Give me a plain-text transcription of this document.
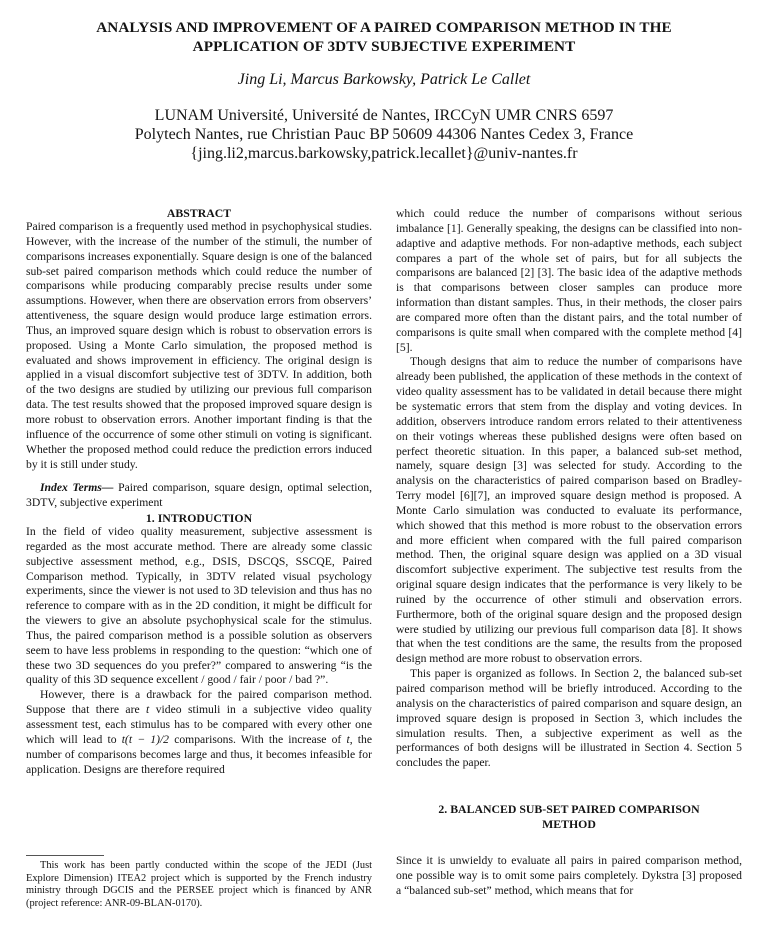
ANALYSIS AND IMPROVEMENT OF A PAIRED COMPARISON METHOD IN THE
APPLICATION OF 3DTV SUBJECTIVE EXPERIMENT
Jing Li, Marcus Barkowsky, Patrick Le Callet
LUNAM Université, Université de Nantes, IRCCyN UMR CNRS 6597
Polytech Nantes, rue Christian Pauc BP 50609 44306 Nantes Cedex 3, France
{jing.li2,marcus.barkowsky,patrick.lecallet}@univ-nantes.fr

ABSTRACT

Paired comparison is a frequently used method in psychophysical studies. However, with the increase of the number of the stimuli, the number of comparisons increases exponentially. Square design is one of the balanced sub-set paired comparison methods which could reduce the number of comparisons while producing comparably precise results under some assumptions. However, when there are observation errors from observers’ attentiveness, the square design would produce large estimation errors. Thus, an improved square design which is robust to observation errors is proposed. Using a Monte Carlo simulation, the proposed method is evaluated and shows improvement in efficiency. The original design is applied in a visual discomfort subjective test of 3DTV. In addition, both of the two designs are studied by utilizing our previous full comparison data. The test results showed that the proposed improved square design is more robust to observation errors. Another important finding is that the influence of the occurrence of some other stimuli on voting is significant. Whether the proposed method could reduce the prediction errors induced by it is still under study.

Index Terms— Paired comparison, square design, optimal selection, 3DTV, subjective experiment

1. INTRODUCTION

In the field of video quality measurement, subjective assessment is regarded as the most accurate method. There are already some classic subjective assessment method, e.g., DSIS, DSCQS, SSCQE, Paired Comparison method. Typically, in 3DTV related visual psychology experiments, since the viewer is not used to 3D television and thus has no reference to compare with as in the 2D condition, it might be difficult for the viewers to give an absolute psychophysical scale for the stimulus. Thus, the paired comparison method is a possible solution as observers seem to have less problems in responding to the question: “which one of these two 3D sequences do you prefer?” compared to answering “is the quality of this 3D sequence excellent / good / fair / poor / bad ?”.

However, there is a drawback for the paired comparison method. Suppose that there are t video stimuli in a subjective video quality assessment test, each stimulus has to be compared with every other one which will lead to t(t − 1)/2 comparisons. With the increase of t, the number of comparisons becomes large and thus, it becomes infeasible for application. Designs are therefore required

This work has been partly conducted within the scope of the JEDI (Just Explore Dimension) ITEA2 project which is supported by the French industry ministry through DGCIS and the PERSEE project which is financed by ANR (project reference: ANR-09-BLAN-0170).

which could reduce the number of comparisons without serious imbalance [1]. Generally speaking, the designs can be classified into non-adaptive and adaptive methods. For non-adaptive methods, each subject compares a part of the whole set of pairs, but for all subjects the comparisons are balanced [2] [3]. The basic idea of the adaptive methods is that comparisons between closer samples can produce more information than distant samples. Thus, in their methods, the closer pairs are compared more often than the distant pairs, and the total number of comparisons is quite small when compared with the complete method [4] [5].

Though designs that aim to reduce the number of comparisons have already been published, the application of these methods in the context of video quality assessment has to be validated in detail because there might be systematic errors that stem from the display and voting devices. In addition, observers introduce random errors related to their attentiveness on their votings whereas these published designs were often based on perfect theoretic situation. In this paper, a balanced sub-set method, namely, square design [3] was selected for study. According to the analysis on the characteristics of paired comparison based on Bradley-Terry model [6][7], an improved square design method is proposed. A Monte Carlo simulation was conducted to evaluate its performance, which showed that this method is more robust to the observation errors and more efficient when compared with the full paired comparison method. Then, the original square design was applied on a 3D visual discomfort subjective experiment. The subjective test results from the original square design indicates that the performance is very likely to be ruined by the occurrence of other stimuli and observation errors. Furthermore, both of the original square design and the proposed design were studied by utilizing our previous full comparison data [8]. It shows that when the test conditions are the same, the results from the proposed design method are more robust to observation errors.

This paper is organized as follows. In Section 2, the balanced sub-set paired comparison method will be briefly introduced. According to the analysis on the characteristics of paired comparison and square design, an improved square design is proposed in Section 3, which includes the simulation results. Then, a subjective experiment as well as the performances of both designs will be illustrated in Section 4. Section 5 concludes the paper.

2. BALANCED SUB-SET PAIRED COMPARISON
METHOD

Since it is unwieldy to evaluate all pairs in paired comparison method, one possible way is to omit some pairs completely. Dykstra [3] proposed a “balanced sub-set” method, which means that for
